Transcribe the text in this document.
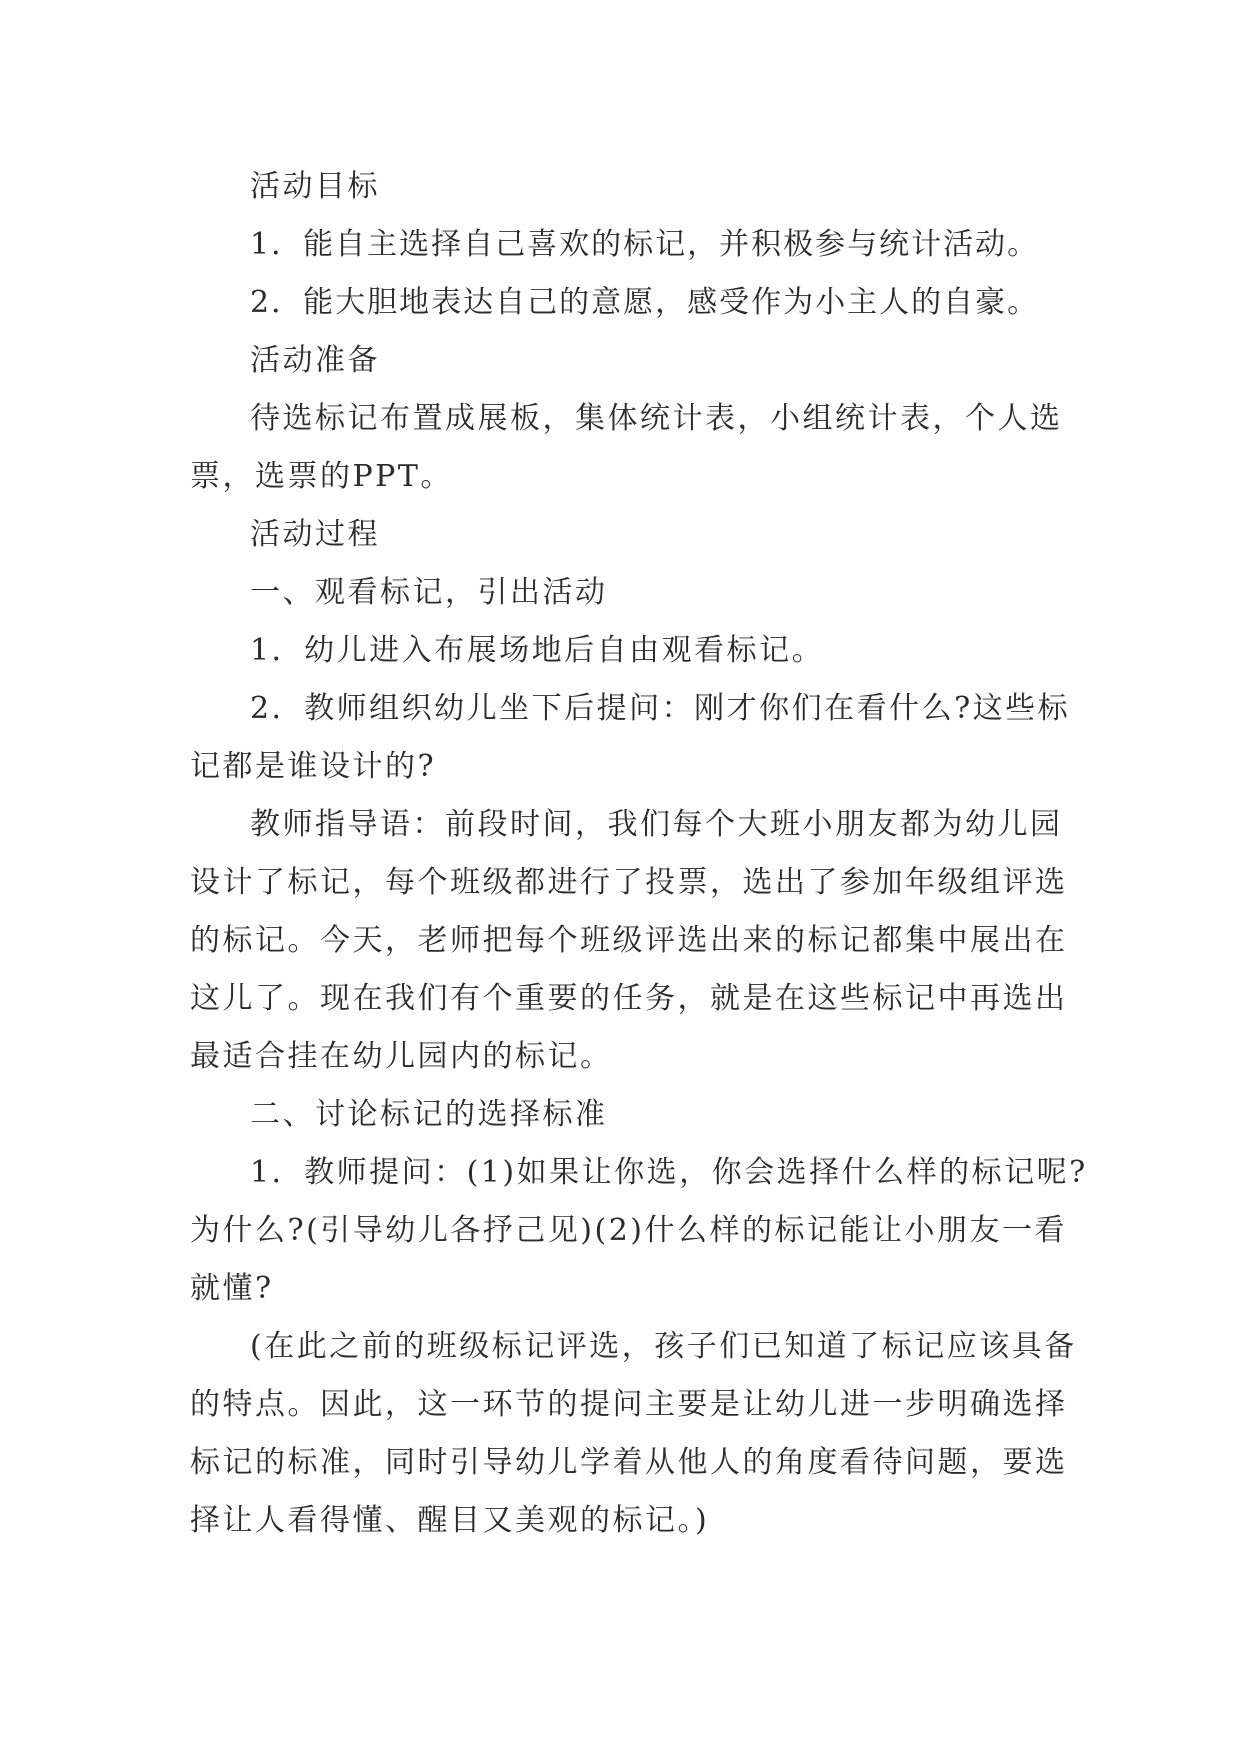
活动目标

1．能自主选择自己喜欢的标记，并积极参与统计活动。

2．能大胆地表达自己的意愿，感受作为小主人的自豪。

活动准备

待选标记布置成展板，集体统计表，小组统计表，个人选票，选票的PPT。

活动过程

一、观看标记，引出活动

1．幼儿进入布展场地后自由观看标记。

2．教师组织幼儿坐下后提问：刚才你们在看什么?这些标记都是谁设计的?

教师指导语：前段时间，我们每个大班小朋友都为幼儿园设计了标记，每个班级都进行了投票，选出了参加年级组评选的标记。今天，老师把每个班级评选出来的标记都集中展出在这儿了。现在我们有个重要的任务，就是在这些标记中再选出最适合挂在幼儿园内的标记。

二、讨论标记的选择标准

1．教师提问：(1)如果让你选，你会选择什么样的标记呢?为什么?(引导幼儿各抒己见)(2)什么样的标记能让小朋友一看就懂?

(在此之前的班级标记评选，孩子们已知道了标记应该具备的特点。因此，这一环节的提问主要是让幼儿进一步明确选择标记的标准，同时引导幼儿学着从他人的角度看待问题，要选择让人看得懂、醒目又美观的标记。)
